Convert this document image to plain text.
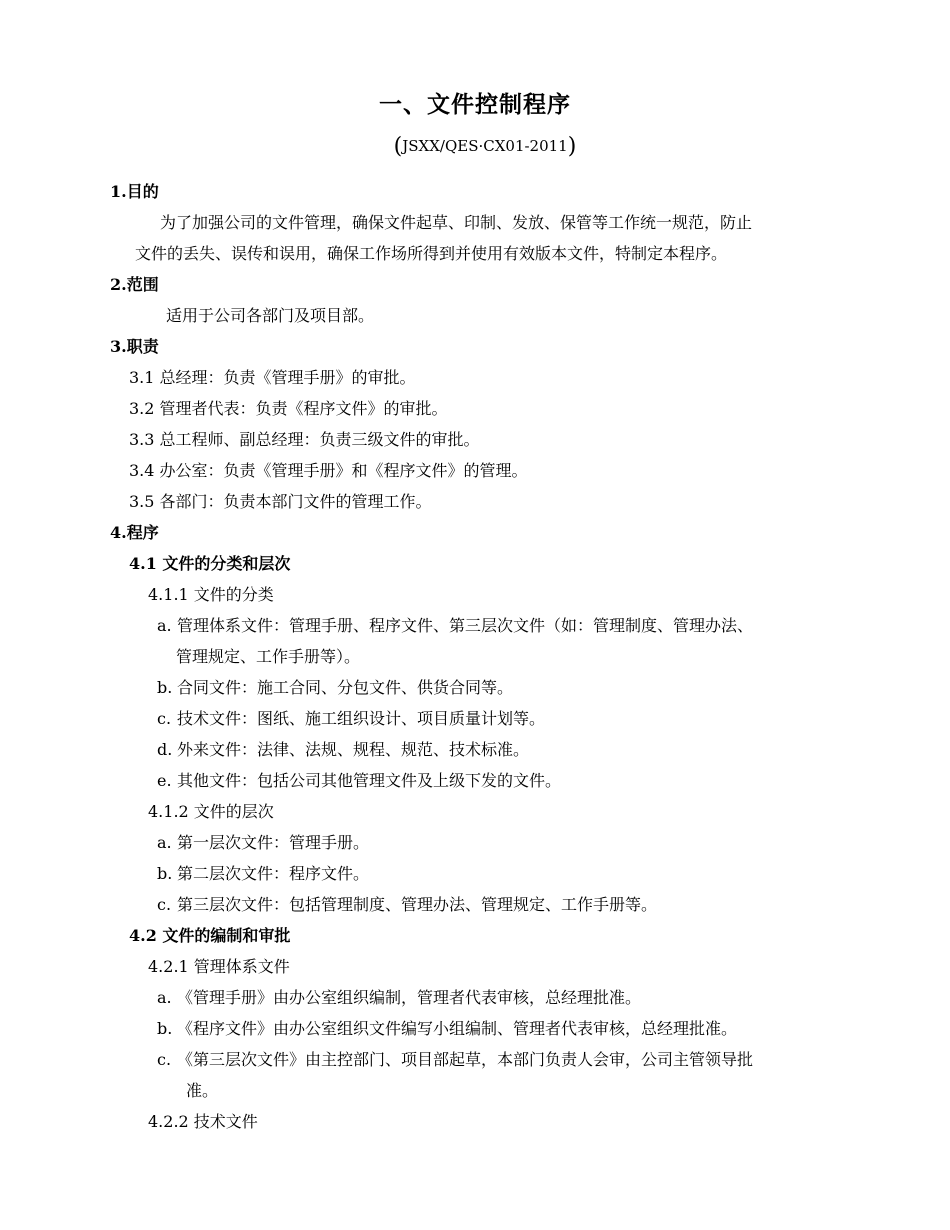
一、文件控制程序
(JSXX/QES·CX01-2011)
1.目的
为了加强公司的文件管理，确保文件起草、印制、发放、保管等工作统一规范，防止
文件的丢失、误传和误用，确保工作场所得到并使用有效版本文件，特制定本程序。
2.范围
适用于公司各部门及项目部。
3.职责
3.1 总经理：负责《管理手册》的审批。
3.2 管理者代表：负责《程序文件》的审批。
3.3 总工程师、副总经理：负责三级文件的审批。
3.4 办公室：负责《管理手册》和《程序文件》的管理。
3.5 各部门：负责本部门文件的管理工作。
4.程序
4.1 文件的分类和层次
4.1.1 文件的分类
a. 管理体系文件：管理手册、程序文件、第三层次文件（如：管理制度、管理办法、
管理规定、工作手册等）。
b. 合同文件：施工合同、分包文件、供货合同等。
c. 技术文件：图纸、施工组织设计、项目质量计划等。
d. 外来文件：法律、法规、规程、规范、技术标准。
e. 其他文件：包括公司其他管理文件及上级下发的文件。
4.1.2 文件的层次
a. 第一层次文件：管理手册。
b. 第二层次文件：程序文件。
c. 第三层次文件：包括管理制度、管理办法、管理规定、工作手册等。
4.2 文件的编制和审批
4.2.1 管理体系文件
a. 《管理手册》由办公室组织编制，管理者代表审核，总经理批准。
b. 《程序文件》由办公室组织文件编写小组编制、管理者代表审核，总经理批准。
c. 《第三层次文件》由主控部门、项目部起草，本部门负责人会审，公司主管领导批
准。
4.2.2 技术文件
